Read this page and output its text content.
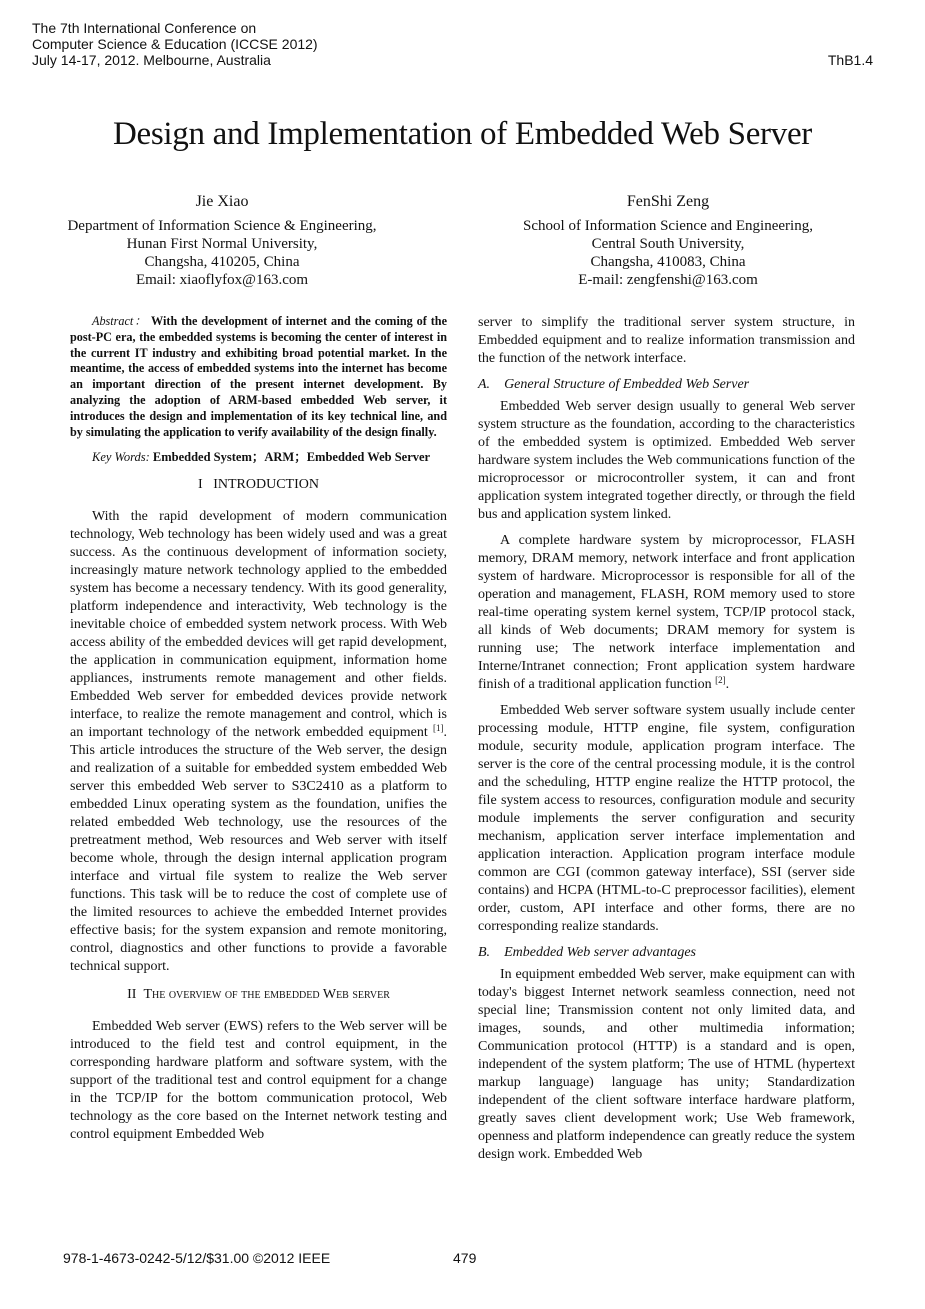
The 7th International Conference on
Computer Science & Education (ICCSE 2012)
July 14-17, 2012. Melbourne, Australia	ThB1.4
Design and Implementation of Embedded Web Server
Jie Xiao
Department of Information Science & Engineering,
Hunan First Normal University,
Changsha, 410205, China
Email: xiaoflyfox@163.com
FenShi Zeng
School of Information Science and Engineering,
Central South University,
Changsha, 410083, China
E-mail: zengfenshi@163.com

Abstract： With the development of internet and the coming of the post-PC era, the embedded systems is becoming the center of interest in the current IT industry and exhibiting broad potential market. In the meantime, the access of embedded systems into the internet has become an important direction of the present internet development. By analyzing the adoption of ARM-based embedded Web server, it introduces the design and implementation of its key technical line, and by simulating the application to verify availability of the design finally.

Key Words: Embedded System；ARM；Embedded Web Server

I INTRODUCTION

With the rapid development of modern communication technology, Web technology has been widely used and was a great success. As the continuous development of information society, increasingly mature network technology applied to the embedded system has become a necessary tendency. With its good generality, platform independence and interactivity, Web technology is the inevitable choice of embedded system network process. With Web access ability of the embedded devices will get rapid development, the application in communication equipment, information home appliances, instruments remote management and other fields. Embedded Web server for embedded devices provide network interface, to realize the remote management and control, which is an important technology of the network embedded equipment [1]. This article introduces the structure of the Web server, the design and realization of a suitable for embedded system embedded Web server this embedded Web server to S3C2410 as a platform to embedded Linux operating system as the foundation, unifies the related embedded Web technology, use the resources of the pretreatment method, Web resources and Web server with itself become whole, through the design internal application program interface and virtual file system to realize the Web server functions. This task will be to reduce the cost of complete use of the limited resources to achieve the embedded Internet provides effective basis; for the system expansion and remote monitoring, control, diagnostics and other functions to provide a favorable technical support.

II The overview of the embedded Web server

Embedded Web server (EWS) refers to the Web server will be introduced to the field test and control equipment, in the corresponding hardware platform and software system, with the support of the traditional test and control equipment for a change in the TCP/IP for the bottom communication protocol, Web technology as the core based on the Internet network testing and control equipment Embedded Web

server to simplify the traditional server system structure, in Embedded equipment and to realize information transmission and the function of the network interface.

A. General Structure of Embedded Web Server

Embedded Web server design usually to general Web server system structure as the foundation, according to the characteristics of the embedded system is optimized. Embedded Web server hardware system includes the Web communications function of the microprocessor or microcontroller system, it can and front application system integrated together directly, or through the field bus and application system linked.

A complete hardware system by microprocessor, FLASH memory, DRAM memory, network interface and front application system of hardware. Microprocessor is responsible for all of the operation and management, FLASH, ROM memory used to store real-time operating system kernel system, TCP/IP protocol stack, all kinds of Web documents; DRAM memory for system is running use; The network interface implementation and Interne/Intranet connection; Front application system hardware finish of a traditional application function [2].

Embedded Web server software system usually include center processing module, HTTP engine, file system, configuration module, security module, application program interface. The server is the core of the central processing module, it is the control and the scheduling, HTTP engine realize the HTTP protocol, the file system access to resources, configuration module and security module implements the server configuration and security mechanism, application server interface implementation and application interaction. Application program interface module common are CGI (common gateway interface), SSI (server side contains) and HCPA (HTML-to-C preprocessor facilities), element order, custom, API interface and other forms, there are no corresponding realize standards.

B. Embedded Web server advantages

In equipment embedded Web server, make equipment can with today's biggest Internet network seamless connection, need not special line; Transmission content not only limited data, and images, sounds, and other multimedia information; Communication protocol (HTTP) is a standard and is open, independent of the system platform; The use of HTML (hypertext markup language) language has unity; Standardization independent of the client software interface hardware platform, greatly saves client development work; Use Web framework, openness and platform independence can greatly reduce the system design work. Embedded Web

978-1-4673-0242-5/12/$31.00 ©2012 IEEE	479
